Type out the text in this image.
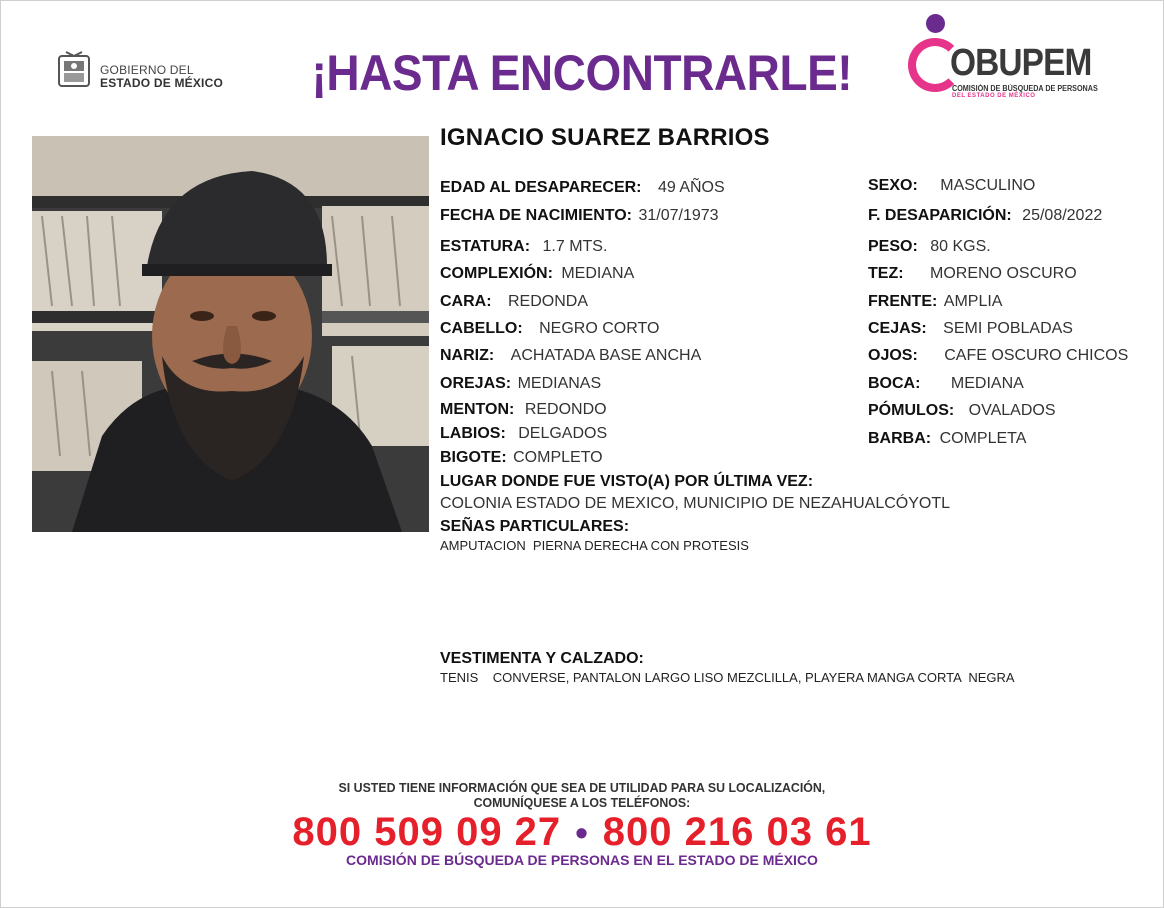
GOBIERNO DEL
ESTADO DE MÉXICO	¡HASTA ENCONTRARLE!	OBUPEM
COMISIÓN DE BÚSQUEDA DE PERSONAS
DEL ESTADO DE MÉXICO
IGNACIO SUAREZ BARRIOS
EDAD AL DESAPARECER: 49 AÑOS
FECHA DE NACIMIENTO: 31/07/1973
ESTATURA: 1.7 MTS.
COMPLEXIÓN: MEDIANA
CARA: REDONDA
CABELLO: NEGRO CORTO
NARIZ: ACHATADA BASE ANCHA
OREJAS: MEDIANAS
MENTON: REDONDO
LABIOS: DELGADOS
BIGOTE: COMPLETO
SEXO: MASCULINO
F. DESAPARICIÓN: 25/08/2022
PESO: 80 KGS.
TEZ: MORENO OSCURO
FRENTE: AMPLIA
CEJAS: SEMI POBLADAS
OJOS: CAFE OSCURO CHICOS
BOCA: MEDIANA
PÓMULOS: OVALADOS
BARBA: COMPLETA
LUGAR DONDE FUE VISTO(A) POR ÚLTIMA VEZ:
COLONIA ESTADO DE MEXICO, MUNICIPIO DE NEZAHUALCÓYOTL
SEÑAS PARTICULARES:
AMPUTACION  PIERNA DERECHA CON PROTESIS
VESTIMENTA Y CALZADO:
TENIS    CONVERSE, PANTALON LARGO LISO MEZCLILLA, PLAYERA MANGA CORTA  NEGRA
SI USTED TIENE INFORMACIÓN QUE SEA DE UTILIDAD PARA SU LOCALIZACIÓN,
COMUNÍQUESE A LOS TELÉFONOS:
800 509 09 27 • 800 216 03 61
COMISIÓN DE BÚSQUEDA DE PERSONAS EN EL ESTADO DE MÉXICO
